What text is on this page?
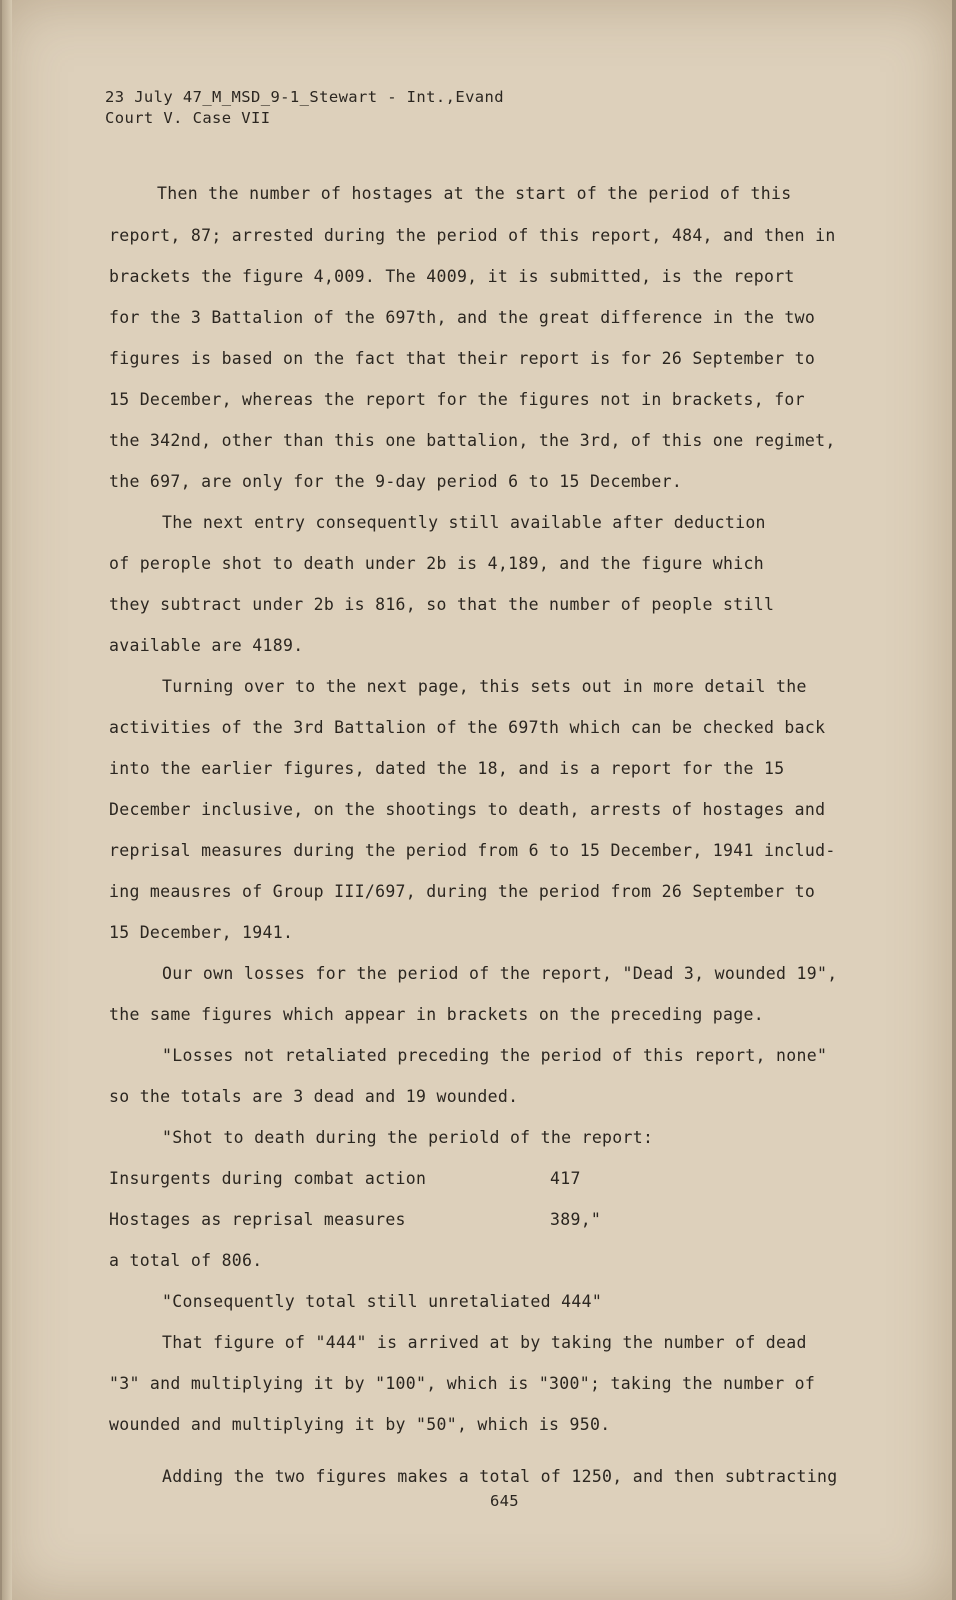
23 July 47_M_MSD_9-1_Stewart - Int.,Evand
Court V. Case VII
Then the number of hostages at the start of the period of this
report, 87; arrested during the period of this report, 484, and then in
brackets the figure 4,009. The 4009, it is submitted, is the report
for the 3 Battalion of the 697th, and the great difference in the two
figures is based on the fact that their report is for 26 September to
15 December, whereas the report for the figures not in brackets, for
the 342nd, other than this one battalion, the 3rd, of this one regimet,
the 697, are only for the 9-day period 6 to 15 December.
The next entry consequently still available after deduction
of perople shot to death under 2b is 4,189, and the figure which
they subtract under 2b is 816, so that the number of people still
available are 4189.
Turning over to the next page, this sets out in more detail the
activities of the 3rd Battalion of the 697th which can be checked back
into the earlier figures, dated the 18, and is a report for the 15
December inclusive, on the shootings to death, arrests of hostages and
reprisal measures during the period from 6 to 15 December, 1941 includ-
ing meausres of Group III/697, during the period from 26 September to
15 December, 1941.
Our own losses for the period of the report, "Dead 3, wounded 19",
the same figures which appear in brackets on the preceding page.
"Losses not retaliated preceding the period of this report, none"
so the totals are 3 dead and 19 wounded.
"Shot to death during the periold of the report:
Insurgents during combat action	417
Hostages as reprisal measures	389,"
a total of 806.
"Consequently total still unretaliated 444"
That figure of "444" is arrived at by taking the number of dead
"3" and multiplying it by "100", which is "300"; taking the number of
wounded and multiplying it by "50", which is 950.
Adding the two figures makes a total of 1250, and then subtracting
645
